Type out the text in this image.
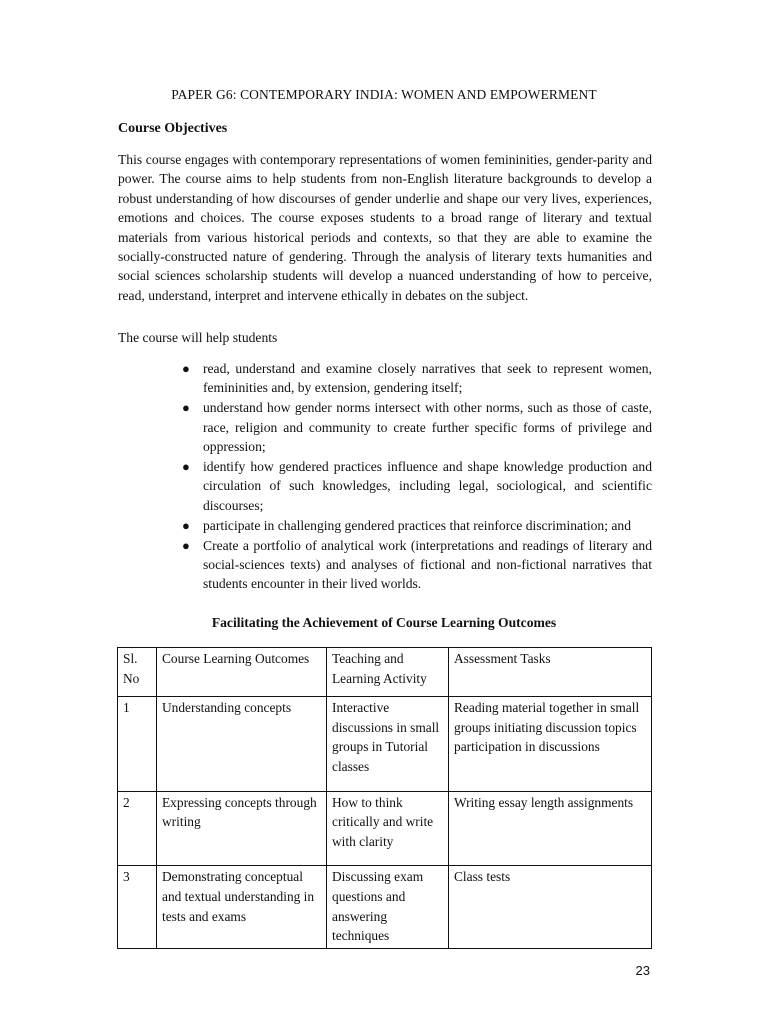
PAPER G6: CONTEMPORARY INDIA: WOMEN AND EMPOWERMENT
Course Objectives

This course engages with contemporary representations of women femininities, gender-parity and power. The course aims to help students from non-English literature backgrounds to develop a robust understanding of how discourses of gender underlie and shape our very lives, experiences, emotions and choices. The course exposes students to a broad range of literary and textual materials from various historical periods and contexts, so that they are able to examine the socially-constructed nature of gendering. Through the analysis of literary texts humanities and social sciences scholarship students will develop a nuanced understanding of how to perceive, read, understand, interpret and intervene ethically in debates on the subject.

The course will help students

● read, understand and examine closely narratives that seek to represent women, femininities and, by extension, gendering itself;
● understand how gender norms intersect with other norms, such as those of caste, race, religion and community to create further specific forms of privilege and oppression;
● identify how gendered practices influence and shape knowledge production and circulation of such knowledges, including legal, sociological, and scientific discourses;
● participate in challenging gendered practices that reinforce discrimination; and
● Create a portfolio of analytical work (interpretations and readings of literary and social-sciences texts) and analyses of fictional and non-fictional narratives that students encounter in their lived worlds.
Facilitating the Achievement of Course Learning Outcomes
Sl. No	Course Learning Outcomes	Teaching and Learning Activity	Assessment Tasks
1	Understanding concepts	Interactive discussions in small groups in Tutorial classes	Reading material together in small groups initiating discussion topics participation in discussions
2	Expressing concepts through writing	How to think critically and write with clarity	Writing essay length assignments
3	Demonstrating conceptual and textual understanding in tests and exams	Discussing exam questions and answering techniques	Class tests
23
